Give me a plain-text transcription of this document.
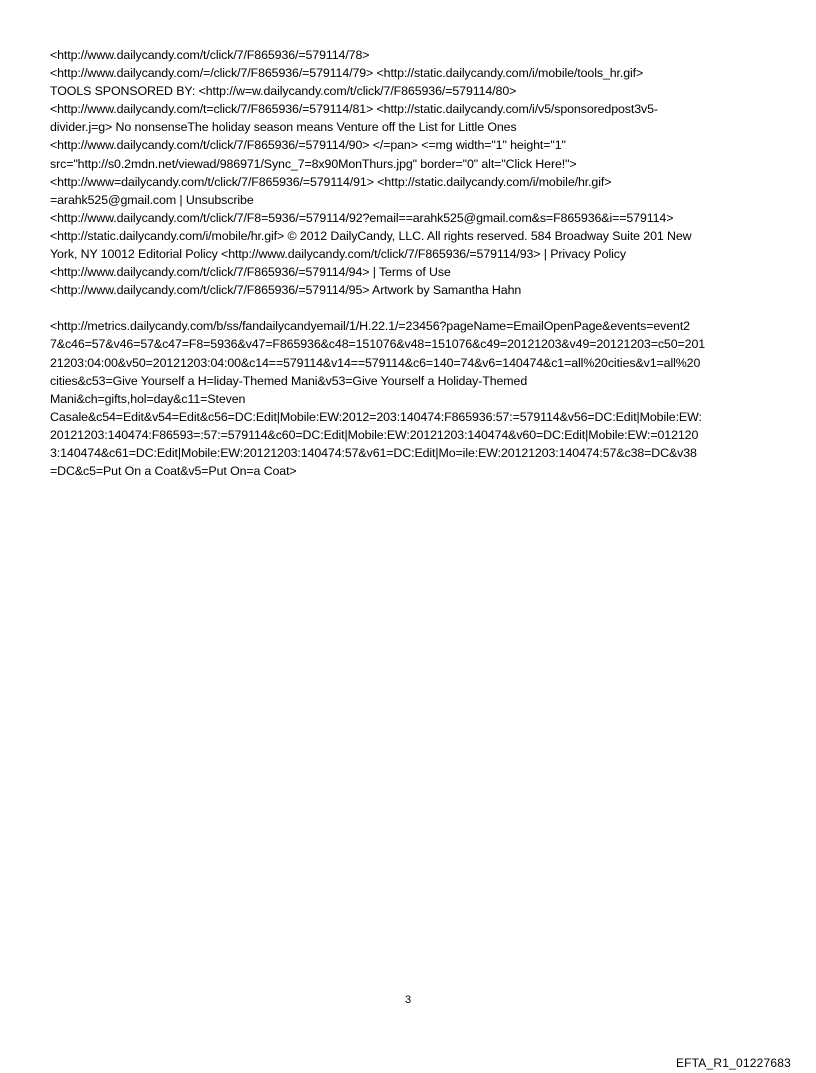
<http://www.dailycandy.com/t/click/7/F865936/=579114/78>
<http://www.dailycandy.com/=/click/7/F865936/=579114/79> <http://static.dailycandy.com/i/mobile/tools_hr.gif>
TOOLS SPONSORED BY: <http://w=w.dailycandy.com/t/click/7/F865936/=579114/80>
<http://www.dailycandy.com/t=click/7/F865936/=579114/81> <http://static.dailycandy.com/i/v5/sponsoredpost3v5-
divider.j=g> No nonsenseThe holiday season means Venture off the List for Little Ones
<http://www.dailycandy.com/t/click/7/F865936/=579114/90> </=pan> <=mg width="1" height="1"
src="http://s0.2mdn.net/viewad/986971/Sync_7=8x90MonThurs.jpg" border="0" alt="Click Here!">
<http://www=dailycandy.com/t/click/7/F865936/=579114/91> <http://static.dailycandy.com/i/mobile/hr.gif>
=arahk525@gmail.com | Unsubscribe
<http://www.dailycandy.com/t/click/7/F8=5936/=579114/92?email==arahk525@gmail.com&s=F865936&i==579114>
<http://static.dailycandy.com/i/mobile/hr.gif> © 2012 DailyCandy, LLC. All rights reserved. 584 Broadway Suite 201 New
York, NY 10012 Editorial Policy <http://www.dailycandy.com/t/click/7/F865936/=579114/93> | Privacy Policy
<http://www.dailycandy.com/t/click/7/F865936/=579114/94> | Terms of Use
<http://www.dailycandy.com/t/click/7/F865936/=579114/95> Artwork by Samantha Hahn
<http://metrics.dailycandy.com/b/ss/fandailycandyemail/1/H.22.1/=23456?pageName=EmailOpenPage&events=event2
7&c46=57&v46=57&c47=F8=5936&v47=F865936&c48=151076&v48=151076&c49=20121203&v49=20121203=c50=201
21203:04:00&v50=20121203:04:00&c14==579114&v14==579114&c6=140=74&v6=140474&c1=all%20cities&v1=all%20
cities&c53=Give Yourself a H=liday-Themed Mani&v53=Give Yourself a Holiday-Themed
Mani&ch=gifts,hol=day&c11=Steven
Casale&c54=Edit&v54=Edit&c56=DC:Edit|Mobile:EW:2012=203:140474:F865936:57:=579114&v56=DC:Edit|Mobile:EW:
20121203:140474:F86593=:57:=579114&c60=DC:Edit|Mobile:EW:20121203:140474&v60=DC:Edit|Mobile:EW:=012120
3:140474&c61=DC:Edit|Mobile:EW:20121203:140474:57&v61=DC:Edit|Mo=ile:EW:20121203:140474:57&c38=DC&v38
=DC&c5=Put On a Coat&v5=Put On=a Coat>
3
EFTA_R1_01227683
